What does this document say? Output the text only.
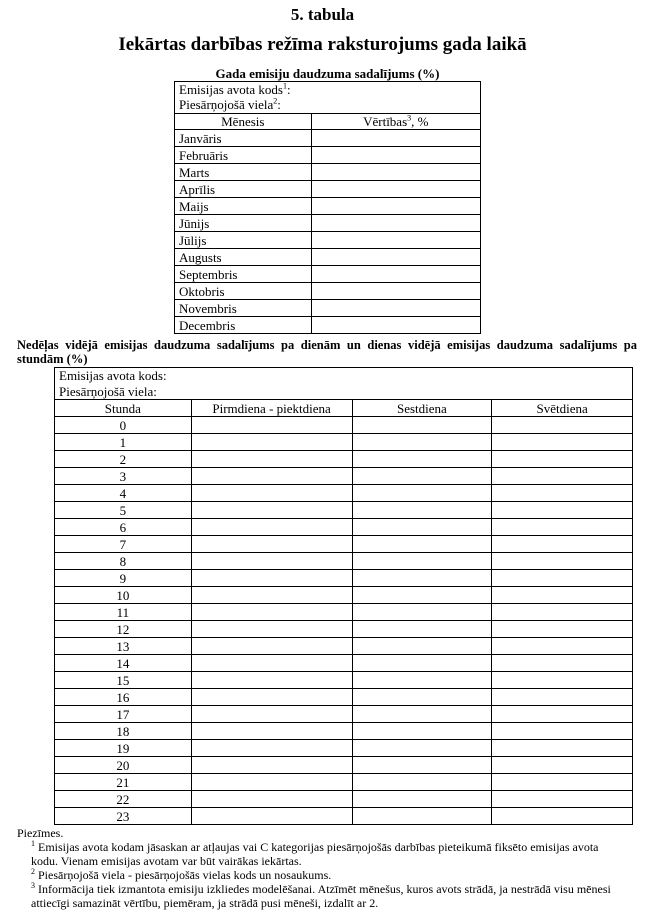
5. tabula
Iekārtas darbības režīma raksturojums gada laikā
Gada emisiju daudzuma sadalījums (%)
Emisijas avota kods$^1$:	
Piesārņojošā viela$^2$:	
Mēnesis	Vērtības$^3$, %
Janvāris	
Februāris	
Marts	
Aprīlis	
Maijs	
Jūnijs	
Jūlijs	
Augusts	
Septembris	
Oktobris	
Novembris	
Decembris	
Nedēļas vidējā emisijas daudzuma sadalījums pa dienām un dienas vidējā emisijas daudzuma sadalījums pa stundām (%)
Emisijas avota kods:			
Piesārņojošā viela:			
Stunda	Pirmdiena - piektdiena	Sestdiena	Svētdiena
0			
1			
2			
3			
4			
5			
6			
7			
8			
9			
10			
11			
12			
13			
14			
15			
16			
17			
18			
19			
20			
21			
22			
23			
Piezīmes.
$^1$ Emisijas avota kodam jāsaskan ar atļaujas vai C kategorijas piesārņojošās darbības pieteikumā fiksēto emisijas avota kodu. Vienam emisijas avotam var būt vairākas iekārtas.
$^2$ Piesārņojošā viela - piesārņojošās vielas kods un nosaukums.
$^3$ Informācija tiek izmantota emisiju izkliedes modelēšanai. Atzīmēt mēnešus, kuros avots strādā, ja nestrādā visu mēnesi attiecīgi samazināt vērtību, piemēram, ja strādā pusi mēneši, izdalīt ar 2.
